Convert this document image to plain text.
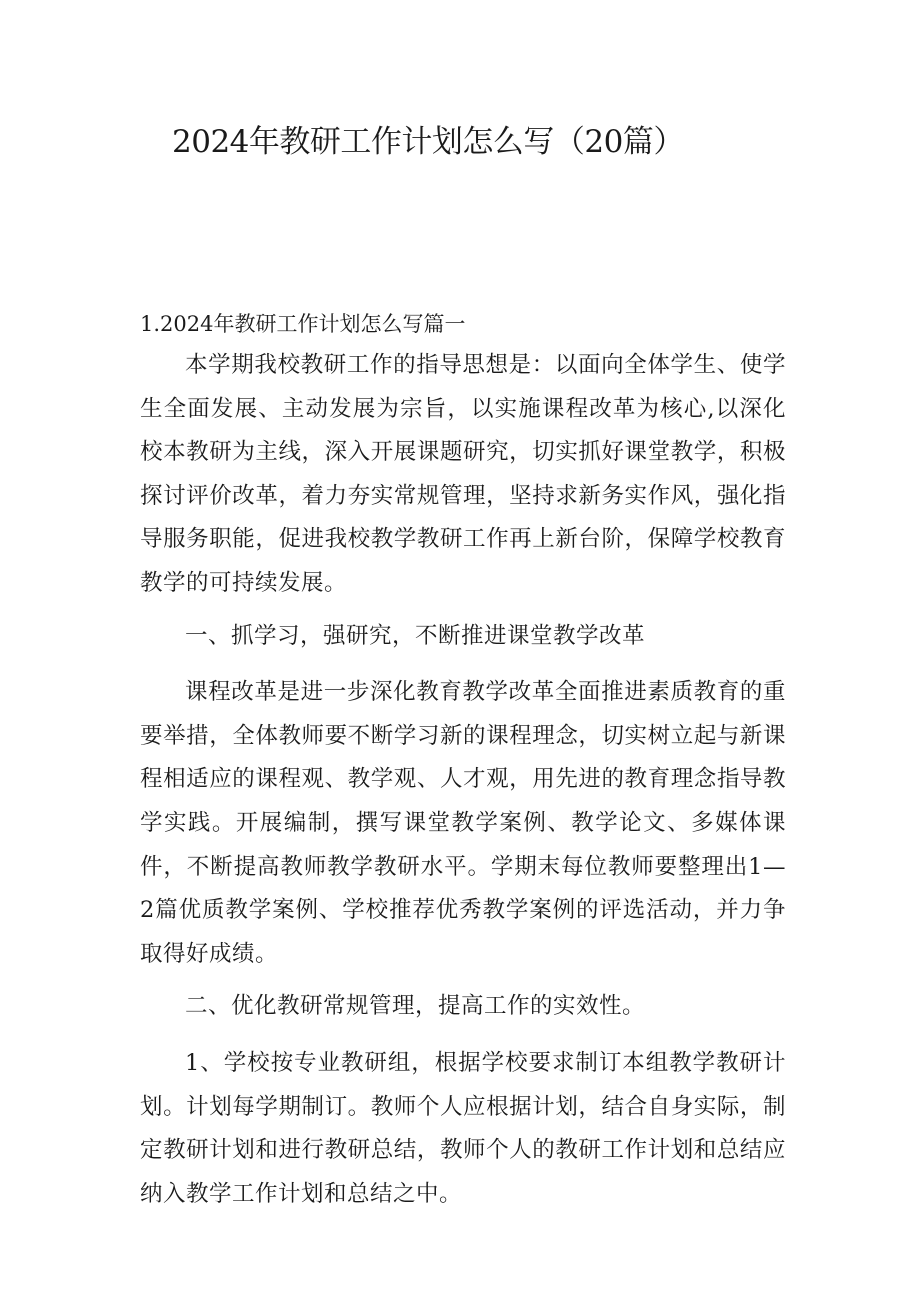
2024年教研工作计划怎么写（20篇）
1.2024年教研工作计划怎么写篇一

本学期我校教研工作的指导思想是：以面向全体学生、使学生全面发展、主动发展为宗旨，以实施课程改革为核心,以深化校本教研为主线，深入开展课题研究，切实抓好课堂教学，积极探讨评价改革，着力夯实常规管理，坚持求新务实作风，强化指导服务职能，促进我校教学教研工作再上新台阶，保障学校教育教学的可持续发展。

一、抓学习，强研究，不断推进课堂教学改革

课程改革是进一步深化教育教学改革全面推进素质教育的重要举措，全体教师要不断学习新的课程理念，切实树立起与新课程相适应的课程观、教学观、人才观，用先进的教育理念指导教学实践。开展编制，撰写课堂教学案例、教学论文、多媒体课件，不断提高教师教学教研水平。学期末每位教师要整理出1—2篇优质教学案例、学校推荐优秀教学案例的评选活动，并力争取得好成绩。

二、优化教研常规管理，提高工作的实效性。

1、学校按专业教研组，根据学校要求制订本组教学教研计划。计划每学期制订。教师个人应根据计划，结合自身实际，制定教研计划和进行教研总结，教师个人的教研工作计划和总结应纳入教学工作计划和总结之中。
